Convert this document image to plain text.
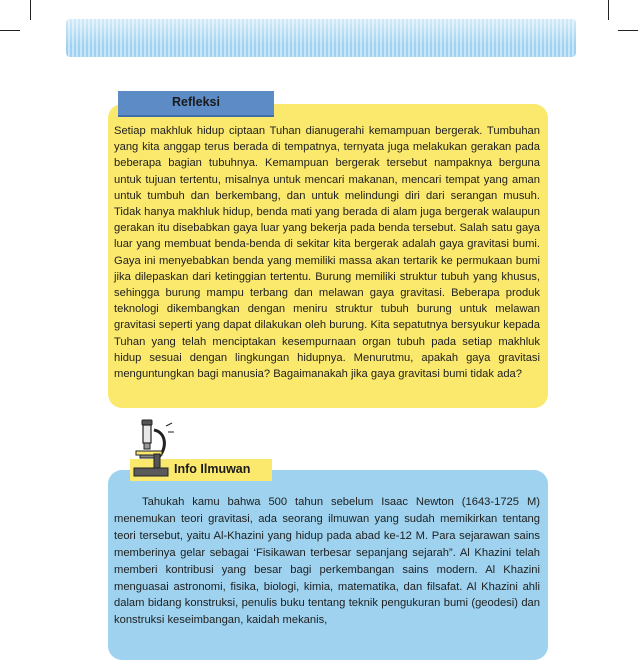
Refleksi
Setiap makhluk hidup ciptaan Tuhan dianugerahi kemampuan bergerak. Tumbuhan yang kita anggap terus berada di tempatnya, ternyata juga melakukan gerakan pada beberapa bagian tubuhnya. Kemampuan bergerak tersebut nampaknya berguna untuk tujuan tertentu, misalnya untuk mencari makanan, mencari tempat yang aman untuk tumbuh dan berkembang, dan untuk melindungi diri dari serangan musuh. Tidak hanya makhluk hidup, benda mati yang berada di alam juga bergerak walaupun gerakan itu disebabkan gaya luar yang bekerja pada benda tersebut. Salah satu gaya luar yang membuat benda-benda di sekitar kita bergerak adalah gaya gravitasi bumi. Gaya ini menyebabkan benda yang memiliki massa akan tertarik ke permukaan bumi jika dilepaskan dari ketinggian tertentu. Burung memiliki struktur tubuh yang khusus, sehingga burung mampu terbang dan melawan gaya gravitasi. Beberapa produk teknologi dikembangkan dengan meniru struktur tubuh burung untuk melawan gravitasi seperti yang dapat dilakukan oleh burung. Kita sepatutnya bersyukur kepada Tuhan yang telah menciptakan kesempurnaan organ tubuh pada setiap makhluk hidup sesuai dengan lingkungan hidupnya. Menurutmu, apakah gaya gravitasi menguntungkan bagi manusia? Bagaimanakah jika gaya gravitasi bumi tidak ada?
Info Ilmuwan
Tahukah kamu bahwa 500 tahun sebelum Isaac Newton (1643-1725 M) menemukan teori gravitasi, ada seorang ilmuwan yang sudah memikirkan tentang teori tersebut, yaitu Al-Khazini yang hidup pada abad ke-12 M. Para sejarawan sains memberinya gelar sebagai ‘Fisikawan terbesar sepanjang sejarah”. Al Khazini telah memberi kontribusi yang besar bagi perkembangan sains modern. Al Khazini menguasai astronomi, fisika, biologi, kimia, matematika, dan filsafat. Al Khazini ahli dalam bidang konstruksi, penulis buku tentang teknik pengukuran bumi (geodesi) dan konstruksi keseimbangan, kaidah mekanis,
